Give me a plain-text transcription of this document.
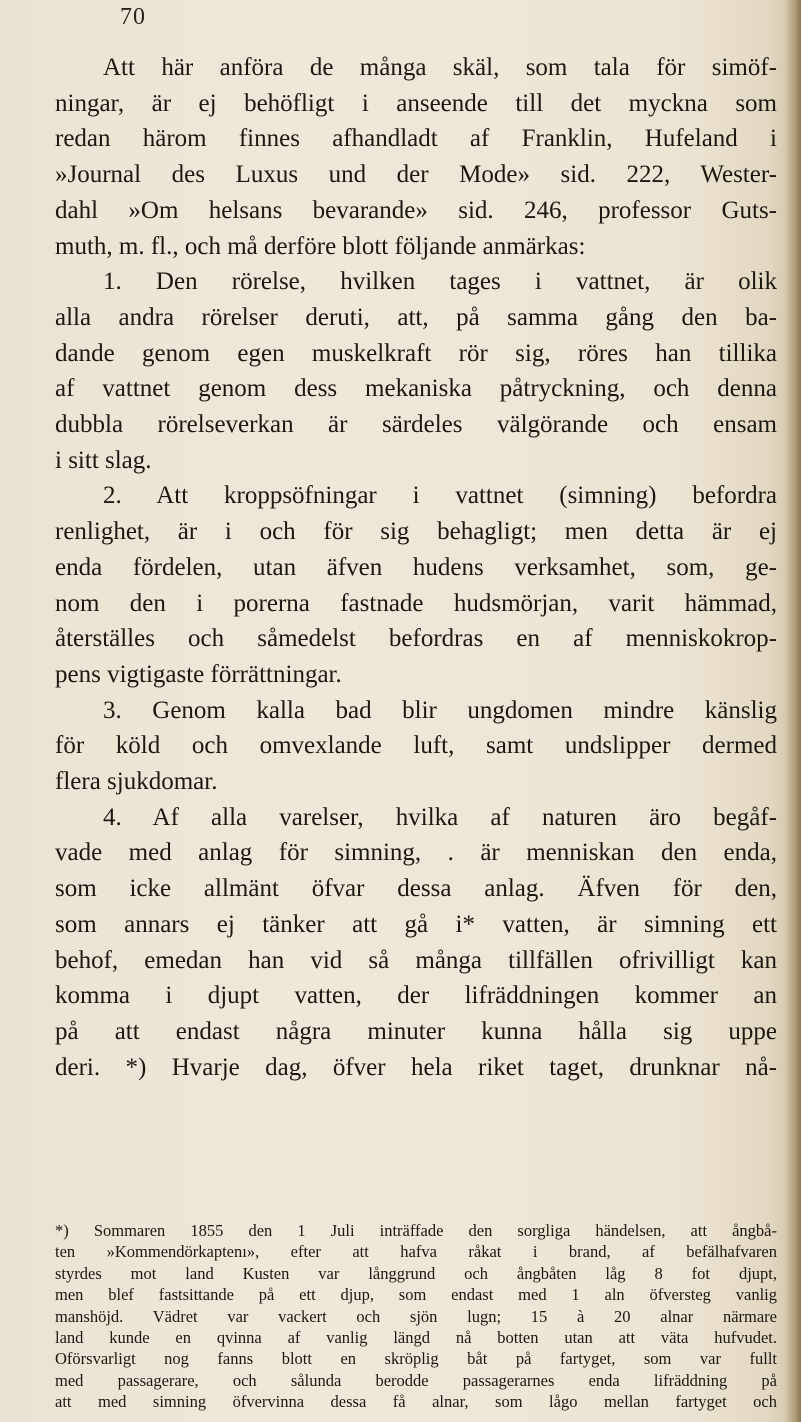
70

Att här anföra de många skäl, som tala för simöf-

ningar, är ej behöfligt i anseende till det myckna som

redan härom finnes afhandladt af Franklin, Hufeland i

»Journal des Luxus und der Mode» sid. 222, Wester-

dahl »Om helsans bevarande» sid. 246, professor Guts-

muth, m. fl., och må derföre blott följande anmärkas:

1. Den rörelse, hvilken tages i vattnet, är olik

alla andra rörelser deruti, att, på samma gång den ba-

dande genom egen muskelkraft rör sig, röres han tillika

af vattnet genom dess mekaniska påtryckning, och denna

dubbla rörelseverkan är särdeles välgörande och ensam

i sitt slag.

2. Att kroppsöfningar i vattnet (simning) befordra

renlighet, är i och för sig behagligt; men detta är ej

enda fördelen, utan äfven hudens verksamhet, som, ge-

nom den i porerna fastnade hudsmörjan, varit hämmad,

återställes och såmedelst befordras en af menniskokrop-

pens vigtigaste förrättningar.

3. Genom kalla bad blir ungdomen mindre känslig

för köld och omvexlande luft, samt undslipper dermed

flera sjukdomar.

4. Af alla varelser, hvilka af naturen äro begåf-

vade med anlag för simning, . är menniskan den enda,

som icke allmänt öfvar dessa anlag. Äfven för den,

som annars ej tänker att gå i* vatten, är simning ett

behof, emedan han vid så många tillfällen ofrivilligt kan

komma i djupt vatten, der lifräddningen kommer an

på att endast några minuter kunna hålla sig uppe

deri. *) Hvarje dag, öfver hela riket taget, drunknar nå-

*) Sommaren 1855 den 1 Juli inträffade den sorgliga händelsen, att ångbå-

ten »Kommendörkaptenı», efter att hafva råkat i brand, af befälhafvaren

styrdes mot land Kusten var långgrund och ångbåten låg 8 fot djupt,

men blef fastsittande på ett djup, som endast med 1 aln öfversteg vanlig

manshöjd. Vädret var vackert och sjön lugn; 15 à 20 alnar närmare

land kunde en qvinna af vanlig längd nå botten utan att väta hufvudet.

Oförsvarligt nog fanns blott en skröplig båt på fartyget, som var fullt

med passagerare, och sålunda berodde passagerarnes enda lifräddning på

att med simning öfvervinna dessa få alnar, som lågo mellan fartyget och
